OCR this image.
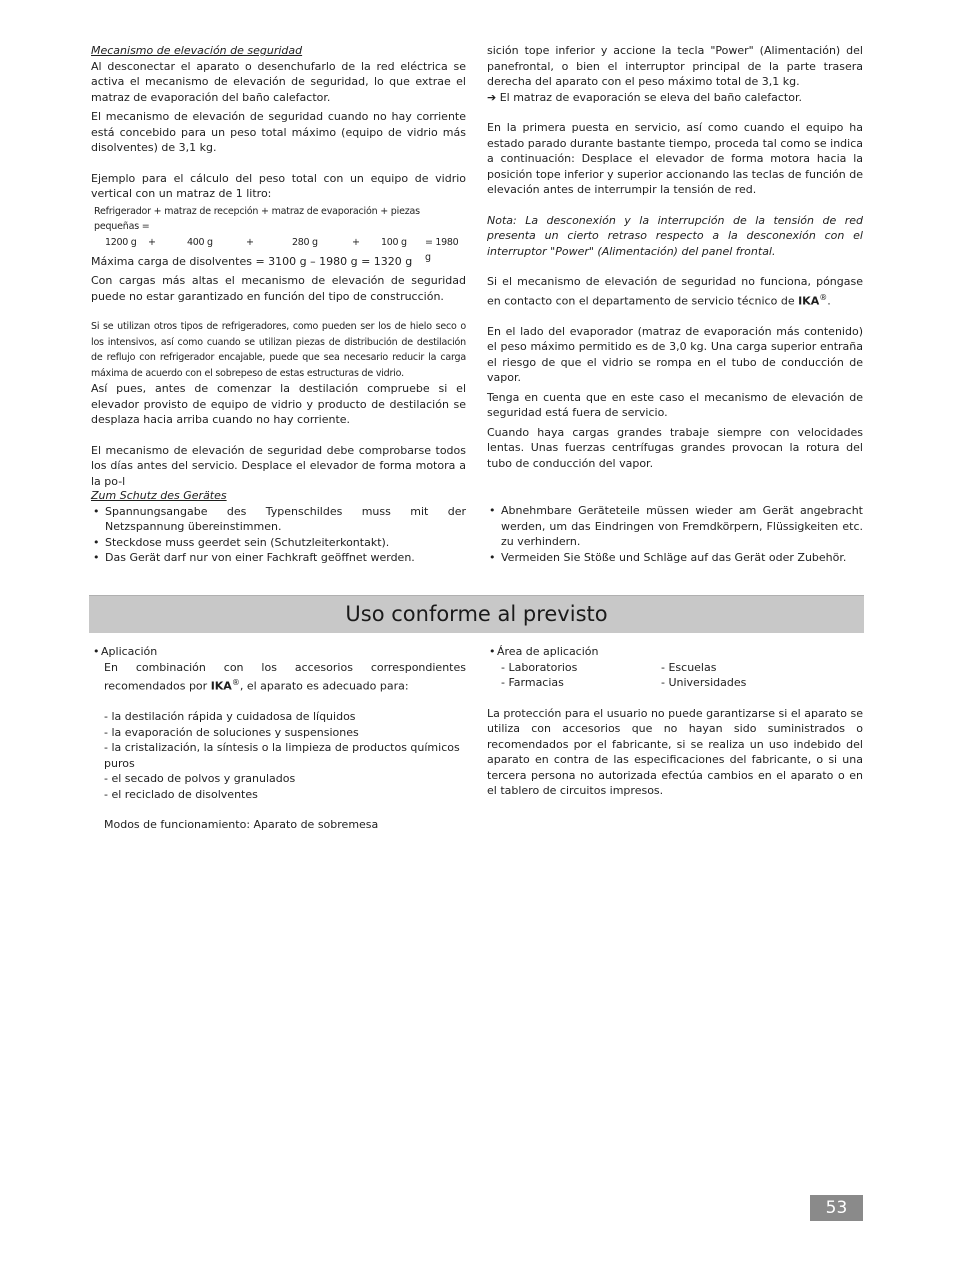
Mecanismo de elevación de seguridad

Al desconectar el aparato o desenchufarlo de la red eléctrica se activa el mecanismo de elevación de seguridad, lo que extrae el matraz de evaporación del baño calefactor.

El mecanismo de elevación de seguridad cuando no hay corriente está concebido para un peso total máximo (equipo de vidrio más disolventes) de 3,1 kg.

Ejemplo para el cálculo del peso total con un equipo de vidrio vertical con un matraz de 1 litro:

Refrigerador + matraz de recepción + matraz de evaporación + piezas pequeñas =
1200 g +	400 g	+	280 g	+ 100 g = 1980 g

Máxima carga de disolventes = 3100 g – 1980 g = 1320 g

Con cargas más altas el mecanismo de elevación de seguridad puede no estar garantizado en función del tipo de construcción.

Si se utilizan otros tipos de refrigeradores, como pueden ser los de hielo seco o los intensivos, así como cuando se utilizan piezas de distribución de destilación de reflujo con refrigerador encajable, puede que sea necesario reducir la carga máxima de acuerdo con el sobrepeso de estas estructuras de vidrio.

Así pues, antes de comenzar la destilación compruebe si el elevador provisto de equipo de vidrio y producto de destilación se desplaza hacia arriba cuando no hay corriente.

El mecanismo de elevación de seguridad debe comprobarse todos los días antes del servicio. Desplace el elevador de forma motora a la po-l

sición tope inferior y accione la tecla "Power" (Alimentación) del panefrontal, o bien el interruptor principal de la parte trasera derecha del aparato con el peso máximo total de 3,1 kg.

➔ El matraz de evaporación se eleva del baño calefactor.

En la primera puesta en servicio, así como cuando el equipo ha estado parado durante bastante tiempo, proceda tal como se indica a continuación: Desplace el elevador de forma motora hacia la posición tope inferior y superior accionando las teclas de función de elevación antes de interrumpir la tensión de red.

Nota: La desconexión y la interrupción de la tensión de red presenta un cierto retraso respecto a la desconexión con el interruptor "Power" (Alimentación) del panel frontal.

Si el mecanismo de elevación de seguridad no funciona, póngase en contacto con el departamento de servicio técnico de IKA®.

En el lado del evaporador (matraz de evaporación más contenido) el peso máximo permitido es de 3,0 kg. Una carga superior entraña el riesgo de que el vidrio se rompa en el tubo de conducción de vapor.

Tenga en cuenta que en este caso el mecanismo de elevación de seguridad está fuera de servicio.

Cuando haya cargas grandes trabaje siempre con velocidades lentas. Unas fuerzas centrífugas grandes provocan la rotura del tubo de conducción del vapor.

Zum Schutz des Gerätes

• Spannungsangabe des Typenschildes muss mit der Netzspannung übereinstimmen.
• Steckdose muss geerdet sein (Schutzleiterkontakt).
• Das Gerät darf nur von einer Fachkraft geöffnet werden.
• Abnehmbare Geräteteile müssen wieder am Gerät angebracht werden, um das Eindringen von Fremdkörpern, Flüssigkeiten etc. zu verhindern.
• Vermeiden Sie Stöße und Schläge auf das Gerät oder Zubehör.
Uso conforme al previsto
• Aplicación

En combinación con los accesorios correspondientes recomendados por IKA®, el aparato es adecuado para:

- la destilación rápida y cuidadosa de líquidos
- la evaporación de soluciones y suspensiones
- la cristalización, la síntesis o la limpieza de productos químicos puros
- el secado de polvos y granulados
- el reciclado de disolventes
Modos de funcionamiento: Aparato de sobremesa
• Área de aplicación
- Laboratorios	- Escuelas
- Farmacias	- Universidades

La protección para el usuario no puede garantizarse si el aparato se utiliza con accesorios que no hayan sido suministrados o recomendados por el fabricante, si se realiza un uso indebido del aparato en contra de las especificaciones del fabricante, o si una tercera persona no autorizada efectúa cambios en el aparato o en el tablero de circuitos impresos.

53
